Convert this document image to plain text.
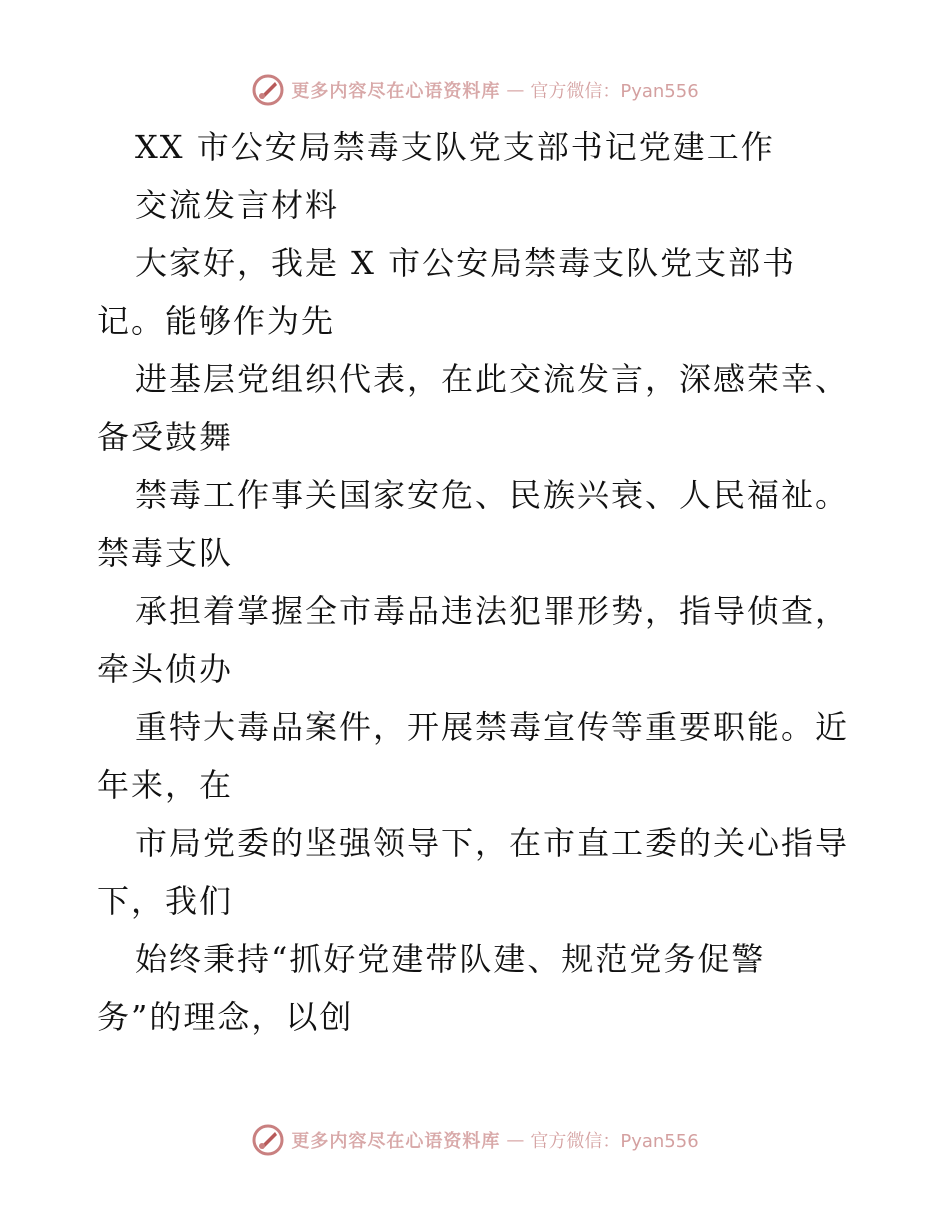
更多内容尽在心语资料库 — 官方微信：Pyan556
XX 市公安局禁毒支队党支部书记党建工作
交流发言材料
大家好，我是 X 市公安局禁毒支队党支部书
记。能够作为先
进基层党组织代表，在此交流发言，深感荣幸、
备受鼓舞
禁毒工作事关国家安危、民族兴衰、人民福祉。
禁毒支队
承担着掌握全市毒品违法犯罪形势，指导侦查，
牵头侦办
重特大毒品案件，开展禁毒宣传等重要职能。近
年来，在
市局党委的坚强领导下，在市直工委的关心指导
下，我们
始终秉持“抓好党建带队建、规范党务促警
务”的理念，以创
更多内容尽在心语资料库 — 官方微信：Pyan556
